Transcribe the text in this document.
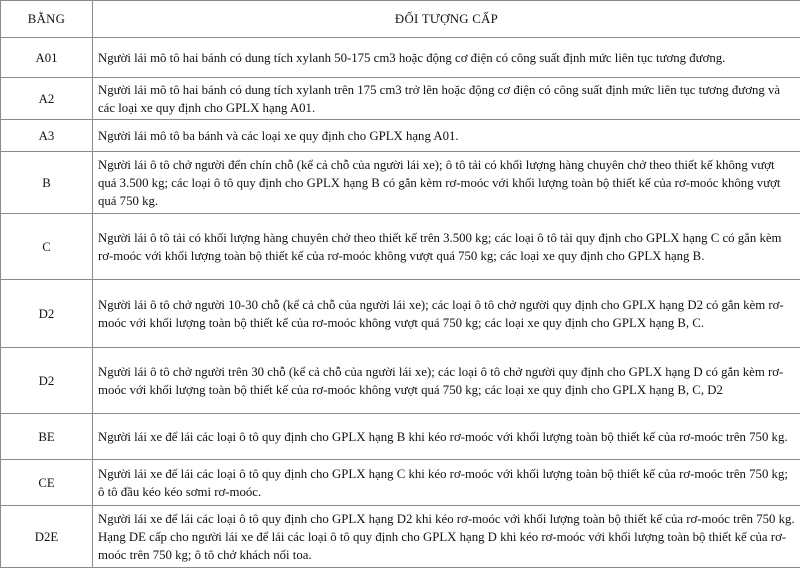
BẰNG	ĐỐI TƯỢNG CẤP
A01	Người lái mô tô hai bánh có dung tích xylanh 50-175 cm3 hoặc động cơ điện có công suất định mức liên tục tương đương.
A2	Người lái mô tô hai bánh có dung tích xylanh trên 175 cm3 trở lên hoặc động cơ điện có công suất định mức liên tục tương đương và các loại xe quy định cho GPLX hạng A01.
A3	Người lái mô tô ba bánh và các loại xe quy định cho GPLX hạng A01.
B	Người lái ô tô chở người đến chín chỗ (kể cả chỗ của người lái xe); ô tô tải có khối lượng hàng chuyên chở theo thiết kế không vượt quá 3.500 kg; các loại ô tô quy định cho GPLX hạng B có gắn kèm rơ-moóc với khối lượng toàn bộ thiết kế của rơ-moóc không vượt quá 750 kg.
C	Người lái ô tô tải có khối lượng hàng chuyên chở theo thiết kế trên 3.500 kg; các loại ô tô tải quy định cho GPLX hạng C có gắn kèm rơ-moóc với khối lượng toàn bộ thiết kế của rơ-moóc không vượt quá 750 kg; các loại xe quy định cho GPLX hạng B.
D2	Người lái ô tô chở người 10-30 chỗ (kể cả chỗ của người lái xe); các loại ô tô chở người quy định cho GPLX hạng D2 có gắn kèm rơ-moóc với khối lượng toàn bộ thiết kế của rơ-moóc không vượt quá 750 kg; các loại xe quy định cho GPLX hạng B, C.
D2	Người lái ô tô chở người trên 30 chỗ (kể cả chỗ của người lái xe); các loại ô tô chở người quy định cho GPLX hạng D có gắn kèm rơ-moóc với khối lượng toàn bộ thiết kế của rơ-moóc không vượt quá 750 kg; các loại xe quy định cho GPLX hạng B, C, D2
BE	Người lái xe để lái các loại ô tô quy định cho GPLX hạng B khi kéo rơ-moóc với khối lượng toàn bộ thiết kế của rơ-moóc trên 750 kg.
CE	Người lái xe để lái các loại ô tô quy định cho GPLX hạng C khi kéo rơ-moóc với khối lượng toàn bộ thiết kế của rơ-moóc trên 750 kg; ô tô đầu kéo kéo sơmi rơ-moóc.
D2E	Người lái xe để lái các loại ô tô quy định cho GPLX hạng D2 khi kéo rơ-moóc với khối lượng toàn bộ thiết kế của rơ-moóc trên 750 kg. Hạng DE cấp cho người lái xe để lái các loại ô tô quy định cho GPLX hạng D khi kéo rơ-moóc với khối lượng toàn bộ thiết kế của rơ-moóc trên 750 kg; ô tô chở khách nối toa.
